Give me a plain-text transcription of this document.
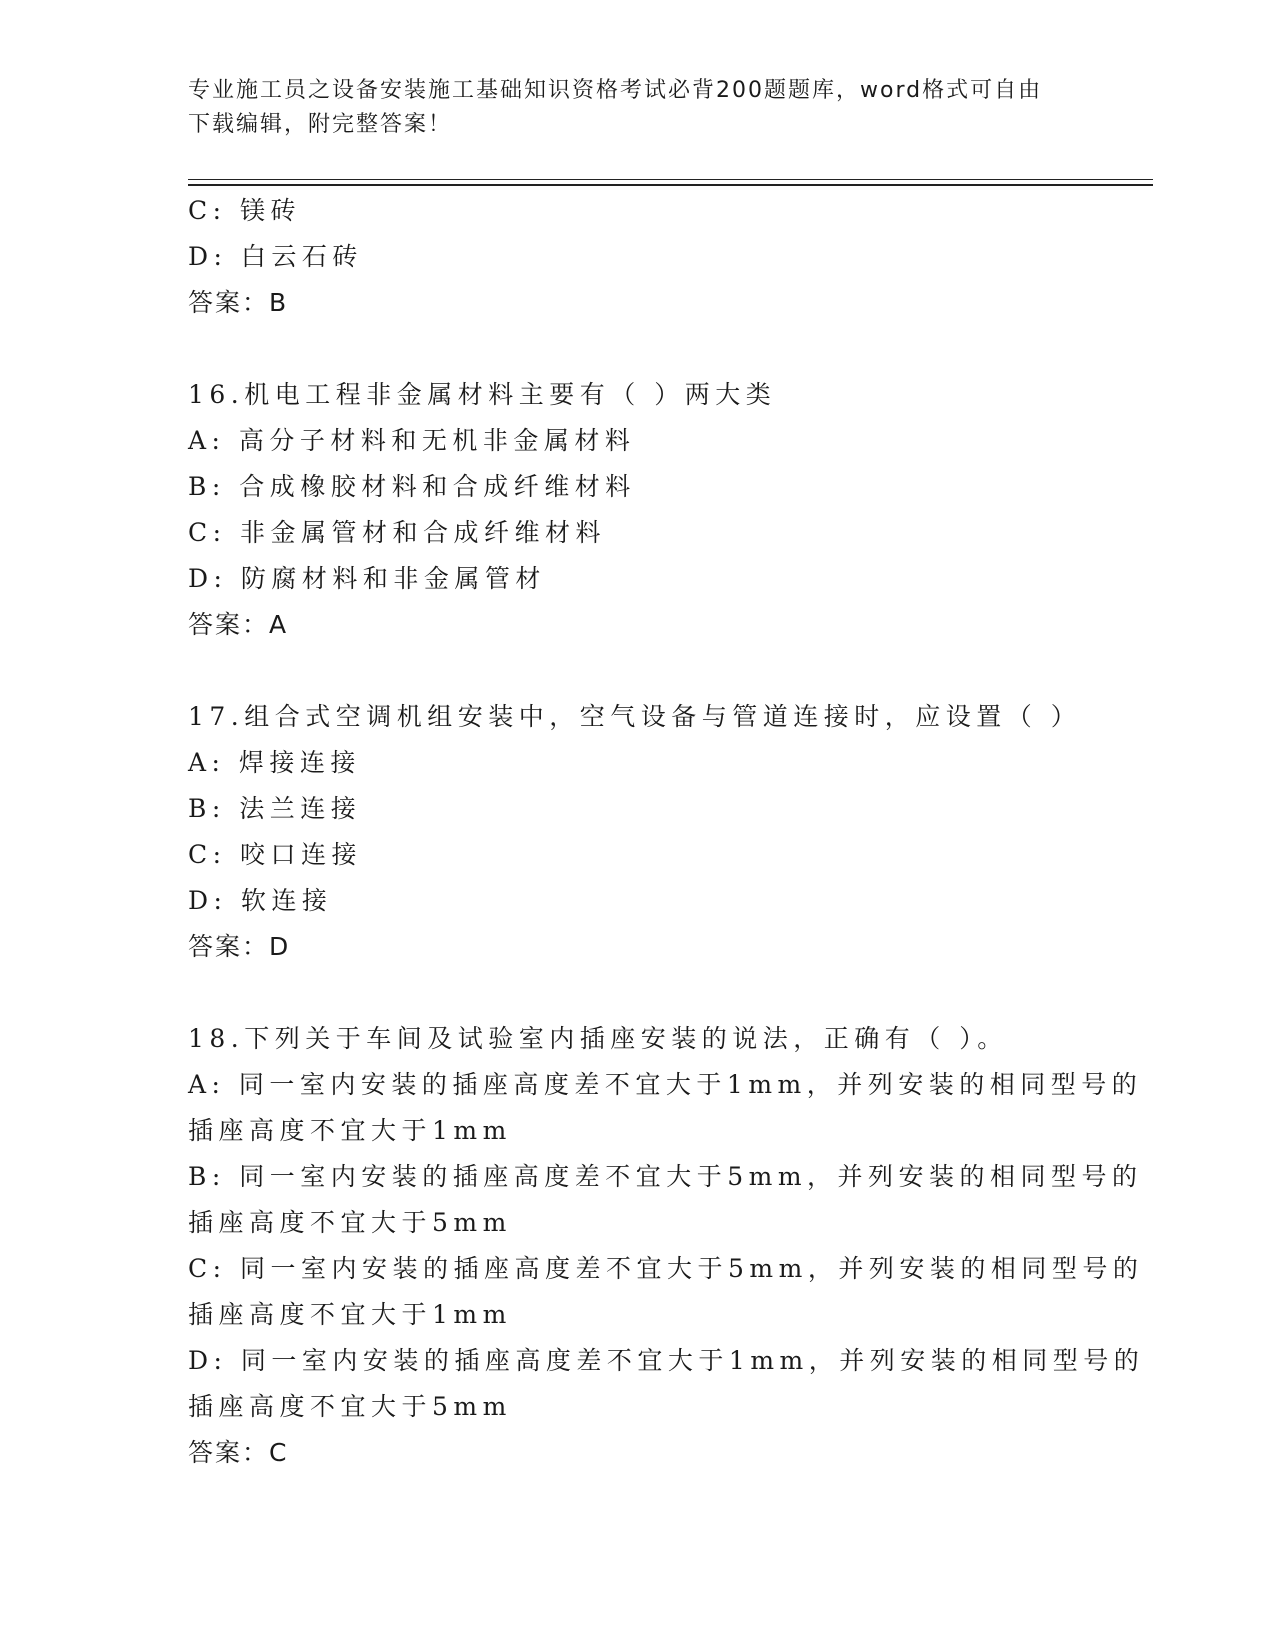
专业施工员之设备安装施工基础知识资格考试必背200题题库，word格式可自由
下载编辑，附完整答案！
C: 镁砖
D: 白云石砖
答案：B
16.机电工程非金属材料主要有（ ）两大类
A: 高分子材料和无机非金属材料
B: 合成橡胶材料和合成纤维材料
C: 非金属管材和合成纤维材料
D: 防腐材料和非金属管材
答案：A
17.组合式空调机组安装中，空气设备与管道连接时，应设置（ ）
A: 焊接连接
B: 法兰连接
C: 咬口连接
D: 软连接
答案：D
18.下列关于车间及试验室内插座安装的说法，正确有（ ）。
A: 同一室内安装的插座高度差不宜大于1mm，并列安装的相同型号的
插座高度不宜大于1mm
B: 同一室内安装的插座高度差不宜大于5mm，并列安装的相同型号的
插座高度不宜大于5mm
C: 同一室内安装的插座高度差不宜大于5mm，并列安装的相同型号的
插座高度不宜大于1mm
D: 同一室内安装的插座高度差不宜大于1mm，并列安装的相同型号的
插座高度不宜大于5mm
答案：C
